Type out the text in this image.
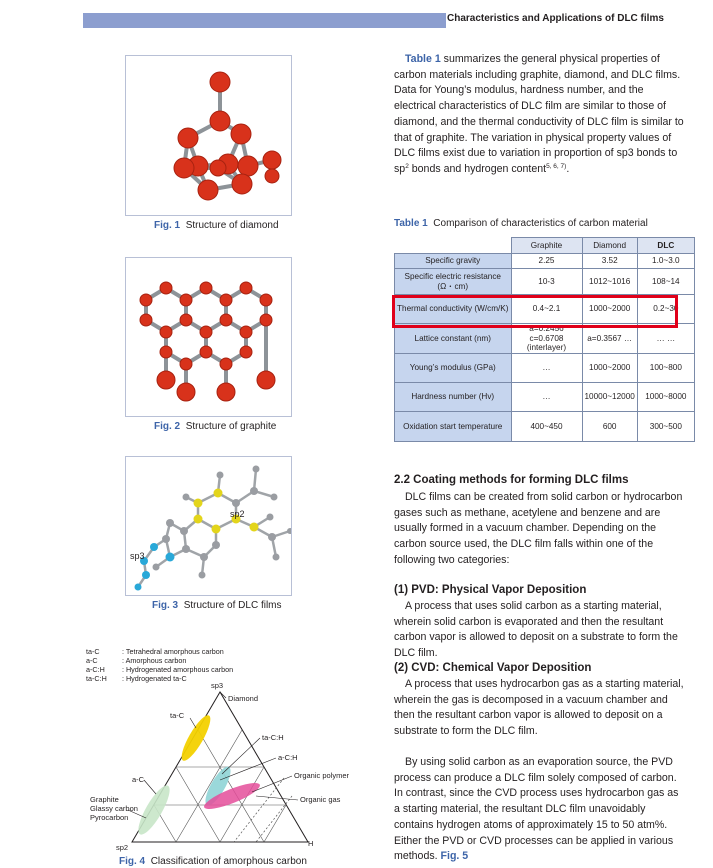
Characteristics and Applications of DLC films
Fig. 1 Structure of diamond
Fig. 2 Structure of graphite
sp2
sp3
Fig. 3 Structure of DLC films
ta-C	: Tetrahedral amorphous carbon
a-C	: Amorphous carbon
a-C:H : Hydrogenated amorphous carbon
ta-C:H : Hydrogenated ta-C
sp3
Diamond
ta-C
ta-C:H
a-C:H
a-C	Organic polymer
Organic gas
Graphite
Glassy carbon
Pyrocarbon
sp2	H
Fig. 4 Classification of amorphous carbon
Table 1 summarizes the general physical properties of carbon materials including graphite, diamond, and DLC films. Data for Young’s modulus, hardness number, and the electrical characteristics of DLC film are similar to those of diamond, and the thermal conductivity of DLC film is similar to that of graphite. The variation in physical property values of DLC films exist due to variation in proportion of sp3 bonds to $sp^2$ bonds and hydrogen content$^{5, 6, 7)}$.
Table 1 Comparison of characteristics of carbon material
	Graphite	Diamond	DLC
Specific gravity	2.25	3.52	1.0~3.0
Specific electric resistance (Ω・cm)	10-3	1012~1016	108~14
Thermal conductivity (W/cm/K)	0.4~2.1	1000~2000	0.2~30
Lattice constant (nm)	a=0.2456 c=0.6708 (interlayer)	a=0.3567 …	… …
Young’s modulus (GPa)	…	1000~2000	100~800
Hardness number (Hv)	…	10000~12000	1000~8000
Oxidation start temperature	400~450	600	300~500
2.2 Coating methods for forming DLC films
DLC films can be created from solid carbon or hydrocarbon gases such as methane, acetylene and benzene and are usually formed in a vacuum chamber. Depending on the carbon source used, the DLC film falls within one of the following two categories:
(1) PVD: Physical Vapor Deposition
A process that uses solid carbon as a starting material, wherein solid carbon is evaporated and then the resultant carbon vapor is allowed to deposit on a substrate to form the DLC film.
(2) CVD: Chemical Vapor Deposition
A process that uses hydrocarbon gas as a starting material, wherein the gas is decomposed in a vacuum chamber and then the resultant carbon vapor is allowed to deposit on a substrate to form the DLC film.
By using solid carbon as an evaporation source, the PVD process can produce a DLC film solely composed of carbon. In contrast, since the CVD process uses hydrocarbon gas as a starting material, the resultant DLC film unavoidably contains hydrogen atoms of approximately 15 to 50 atm%. Either the PVD or CVD processes can be applied in various methods. Fig. 5
